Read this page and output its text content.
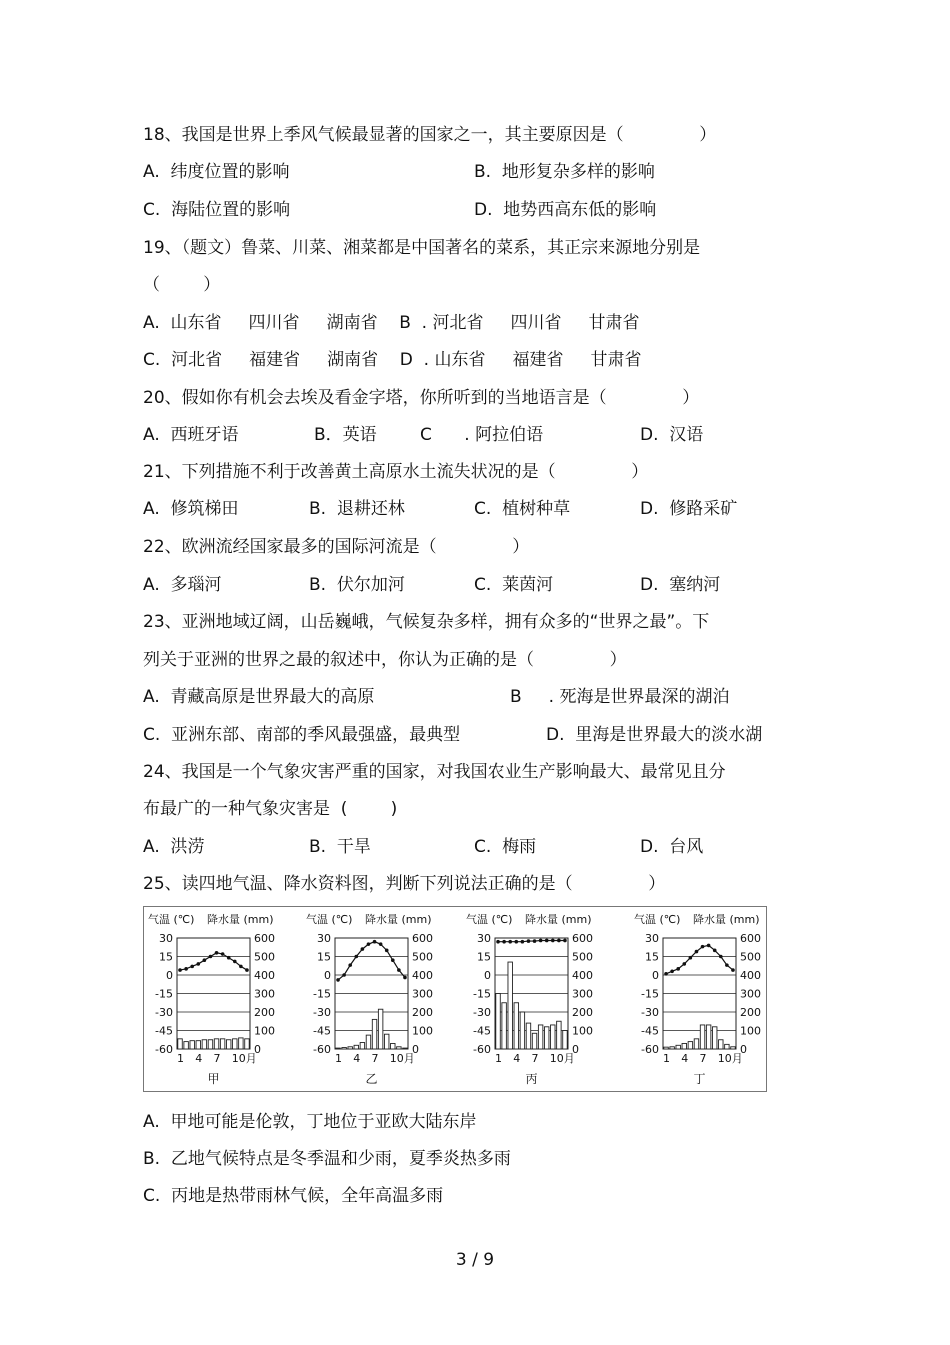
18、我国是世界上季风气候最显著的国家之一，其主要原因是（              ）
A.  纬度位置的影响	B.  地形复杂多样的影响
C.  海陆位置的影响	D.  地势西高东低的影响
19、（题文）鲁菜、川菜、湘菜都是中国著名的菜系，其正宗来源地分别是
（        ）
A.  山东省     四川省     湖南省    B  . 河北省     四川省     甘肃省
C.  河北省     福建省     湖南省    D  . 山东省     福建省     甘肃省
20、假如你有机会去埃及看金字塔，你所听到的当地语言是（              ）
A.  西班牙语	B．英语	C      . 阿拉伯语	D.  汉语
21、下列措施不利于改善黄土高原水土流失状况的是（              ）
A.  修筑梯田	B.  退耕还林	C.  植树种草	D.  修路采矿
22、欧洲流经国家最多的国际河流是（              ）
A.  多瑙河	B.  伏尔加河	C.  莱茵河	D.  塞纳河
23、亚洲地域辽阔，山岳巍峨，气候复杂多样，拥有众多的“世界之最”。下
列关于亚洲的世界之最的叙述中，你认为正确的是（              ）
A.  青藏高原是世界最大的高原	B     . 死海是世界最深的湖泊
C.  亚洲东部、南部的季风最强盛，最典型	D.  里海是世界最大的淡水湖
24、我国是一个气象灾害严重的国家，对我国农业生产影响最大、最常见且分
布最广的一种气象灾害是  (        )
A.  洪涝	B.  干旱	C.  梅雨	D.  台风
25、读四地气温、降水资料图，判断下列说法正确的是（              ）
气温 (℃) 降水量 (mm)
30	600
15	500
0	400
-15	300
-30	200
-45	100
-60	0
1 4 7 10月
甲
气温 (℃) 降水量 (mm)
30	600
15	500
0	400
-15	300
-30	200
-45	100
-60	0
1 4 7 10月
乙
气温 (℃) 降水量 (mm)
30	600
15	500
0	400
-15	300
-30	200
-45	100
-60	0
1 4 7 10月
丙
气温 (℃) 降水量 (mm)
30	600
15	500
0	400
-15	300
-30	200
-45	100
-60	0
1 4 7 10月
丁
A.  甲地可能是伦敦，丁地位于亚欧大陆东岸
B.  乙地气候特点是冬季温和少雨，夏季炎热多雨
C.  丙地是热带雨林气候，全年高温多雨
3 / 9
